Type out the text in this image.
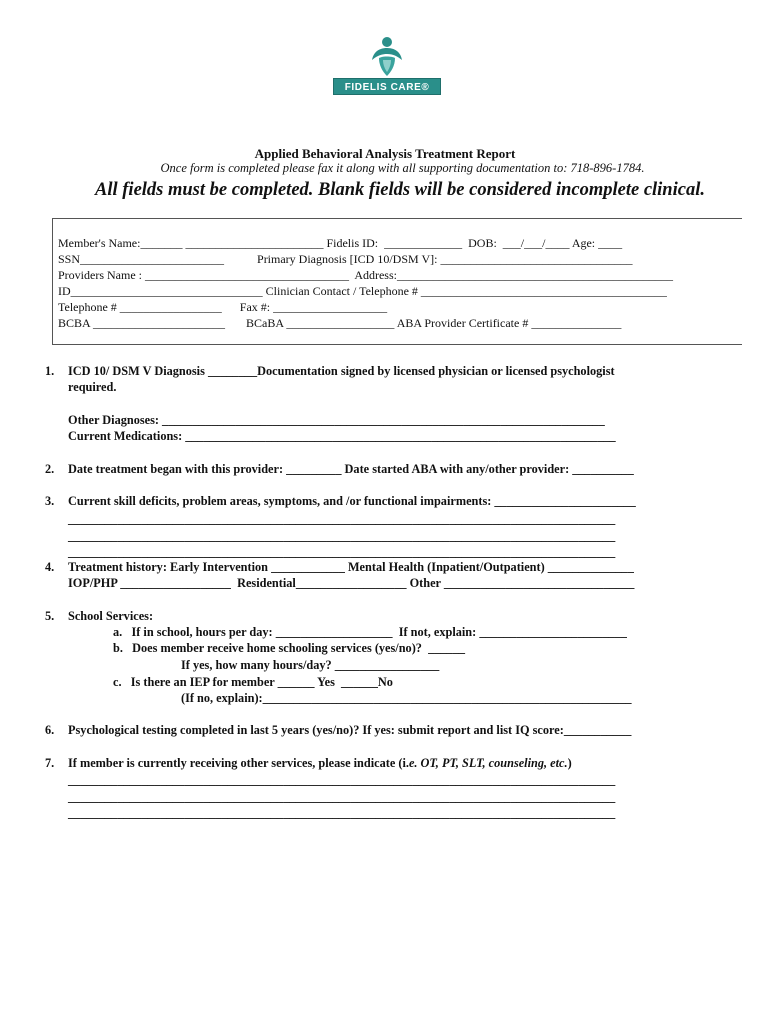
FIDELIS CARE®
Applied Behavioral Analysis Treatment Report
Once form is completed please fax it along with all supporting documentation to: 718-896-1784.
All fields must be completed. Blank fields will be considered incomplete clinical.
Member's Name:_______ _______________________ Fidelis ID:  _____________  DOB:  ___/___/____ Age: ____
SSN________________________           Primary Diagnosis [ICD 10/DSM V]: ________________________________
Providers Name : __________________________________  Address:______________________________________________
ID________________________________ Clinician Contact / Telephone # _________________________________________
Telephone # _________________      Fax #: ___________________
BCBA ______________________       BCaBA __________________ ABA Provider Certificate # _______________
1. ICD 10/ DSM V Diagnosis ________Documentation signed by licensed physician or licensed psychologist
required.
Other Diagnoses: ________________________________________________________________________
Current Medications: ______________________________________________________________________
2. Date treatment began with this provider: _________ Date started ABA with any/other provider: __________
3. Current skill deficits, problem areas, symptoms, and /or functional impairments: _______________________
_________________________________________________________________________________________
_________________________________________________________________________________________
_________________________________________________________________________________________
4. Treatment history: Early Intervention ____________ Mental Health (Inpatient/Outpatient) ______________
IOP/PHP __________________  Residential__________________ Other _______________________________
5. School Services:
a.   If in school, hours per day: ___________________  If not, explain: ________________________
b.   Does member receive home schooling services (yes/no)?  ______
If yes, how many hours/day? _________________
c.   Is there an IEP for member ______ Yes  ______No
(If no, explain):____________________________________________________________
6. Psychological testing completed in last 5 years (yes/no)? If yes: submit report and list IQ score:___________
7. If member is currently receiving other services, please indicate (i.e. OT, PT, SLT, counseling, etc.)
_________________________________________________________________________________________
_________________________________________________________________________________________
_________________________________________________________________________________________
